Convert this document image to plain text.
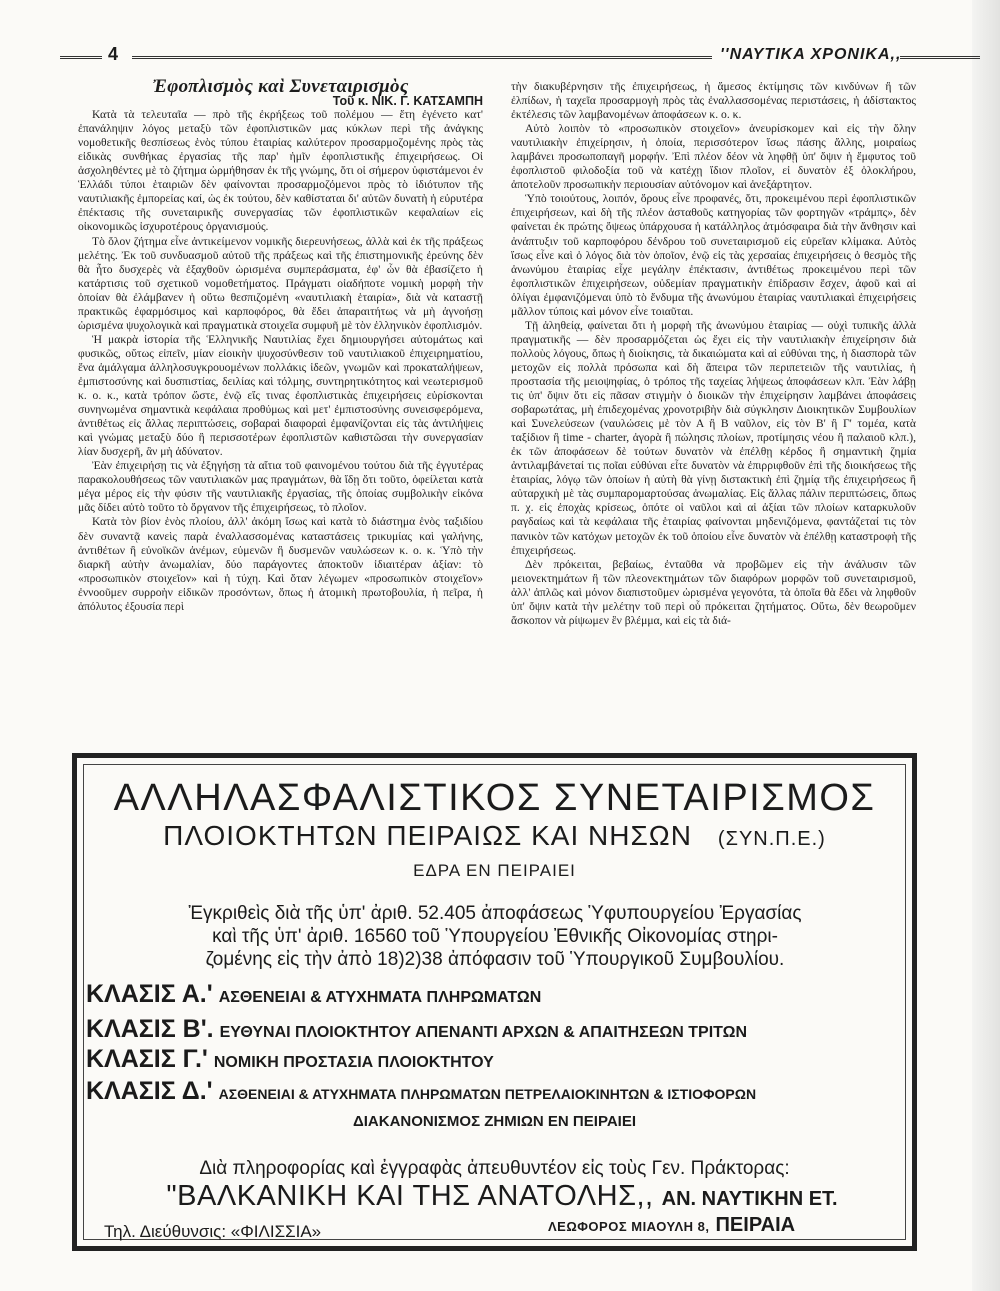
4	''ΝΑΥΤΙΚΑ ΧΡΟΝΙΚΑ,,

Ἐφοπλισμὸς καὶ Συνεταιρισμὸς

Τοῦ κ. ΝΙΚ. Γ. ΚΑΤΣΑΜΠΗ

Κατὰ τὰ τελευταῖα — πρὸ τῆς ἐκρήξεως τοῦ πολέμου — ἔτη ἐγένετο κατ' ἐπανάληψιν λόγος μεταξὺ τῶν ἐφοπλιστικῶν μας κύκλων περὶ τῆς ἀνάγκης νομοθετικῆς θεσπίσεως ἑνὸς τύπου ἑταιρίας καλύτερον προσαρμοζομένης πρὸς τὰς εἰδικὰς συνθήκας ἐργασίας τῆς παρ' ἡμῖν ἐφοπλιστικῆς ἐπιχειρήσεως. Οἱ ἀσχοληθέντες μὲ τὸ ζήτημα ὡρμήθησαν ἐκ τῆς γνώμης, ὅτι οἱ σήμερον ὑφιστάμενοι ἐν Ἑλλάδι τύποι ἑταιριῶν δὲν φαίνονται προσαρμοζόμενοι πρὸς τὸ ἰδιότυπον τῆς ναυτιλιακῆς ἐμπορείας καί, ὡς ἐκ τούτου, δὲν καθίσταται δι' αὐτῶν δυνατὴ ἡ εὐρυτέρα ἐπέκτασις τῆς συνεταιρικῆς συνεργασίας τῶν ἐφοπλιστικῶν κεφαλαίων εἰς οἰκονομικῶς ἰσχυροτέρους ὀργανισμούς.

Τὸ ὅλον ζήτημα εἶνε ἀντικείμενον νομικῆς διερευνήσεως, ἀλλὰ καὶ ἐκ τῆς πράξεως μελέτης. Ἐκ τοῦ συνδυασμοῦ αὐτοῦ τῆς πράξεως καὶ τῆς ἐπιστημονικῆς ἐρεύνης δὲν θὰ ἦτο δυσχερὲς νὰ ἐξαχθοῦν ὡρισμένα συμπεράσματα, ἐφ' ὧν θὰ ἐβασίζετο ἡ κατάρτισις τοῦ σχετικοῦ νομοθετήματος. Πράγματι οἱαδήποτε νομικὴ μορφὴ τὴν ὁποίαν θὰ ἐλάμβανεν ἡ οὕτω θεσπιζομένη «ναυτιλιακὴ ἑταιρία», διὰ νὰ καταστῇ πρακτικῶς ἐφαρμόσιμος καὶ καρποφόρος, θὰ ἔδει ἀπαραιτήτως νὰ μὴ ἀγνοήσῃ ὡρισμένα ψυχολογικὰ καὶ πραγματικὰ στοιχεῖα συμφυῆ μὲ τὸν ἑλληνικὸν ἐφοπλισμόν.

Ἡ μακρὰ ἱστορία τῆς Ἑλληνικῆς Ναυτιλίας ἔχει δημιουργήσει αὐτομάτως καὶ φυσικῶς, οὕτως εἰπεῖν, μίαν εἰοικὴν ψυχοσύνθεσιν τοῦ ναυτιλιακοῦ ἐπιχειρηματίου, ἕνα ἀμάλγαμα ἀλληλοσυγκρουομένων πολλάκις ἰδεῶν, γνωμῶν καὶ προκαταλήψεων, ἐμπιστοσύνης καὶ δυσπιστίας, δειλίας καὶ τόλμης, συντηρητικότητος καὶ νεωτερισμοῦ κ. ο. κ., κατὰ τρόπον ὥστε, ἐνῷ εἴς τινας ἐφοπλιστικὰς ἐπιχειρήσεις εὑρίσκονται συνηνωμένα σημαντικὰ κεφάλαια προθύμως καὶ μετ' ἐμπιστοσύνης συνεισφερόμενα, ἀντιθέτως εἰς ἄλλας περιπτώσεις, σοβαραὶ διαφοραὶ ἐμφανίζονται εἰς τὰς ἀντιλήψεις καὶ γνώμας μεταξὺ δύο ἢ περισσοτέρων ἐφοπλιστῶν καθιστῶσαι τὴν συνεργασίαν λίαν δυσχερῆ, ἂν μὴ ἀδύνατον.

Ἐὰν ἐπιχειρήσῃ τις νὰ ἐξηγήσῃ τὰ αἴτια τοῦ φαινομένου τούτου διὰ τῆς ἐγγυτέρας παρακολουθήσεως τῶν ναυτιλιακῶν μας πραγμάτων, θὰ ἴδῃ ὅτι τοῦτο, ὀφείλεται κατὰ μέγα μέρος εἰς τὴν φύσιν τῆς ναυτιλιακῆς ἐργασίας, τῆς ὁποίας συμβολικὴν εἰκόνα μᾶς δίδει αὐτὸ τοῦτο τὸ ὄργανον τῆς ἐπιχειρήσεως, τὸ πλοῖον.

Κατὰ τὸν βίον ἑνὸς πλοίου, ἀλλ' ἀκόμη ἴσως καὶ κατὰ τὸ διάστημα ἑνὸς ταξιδίου δὲν συναντᾷ κανεὶς παρὰ ἐναλλασσομένας καταστάσεις τρικυμίας καὶ γαλήνης, ἀντιθέτων ἢ εὐνοϊκῶν ἀνέμων, εὐμενῶν ἢ δυσμενῶν ναυλώσεων κ. ο. κ. Ὑπὸ τὴν διαρκῆ αὐτὴν ἀνωμαλίαν, δύο παράγοντες ἀποκτοῦν ἰδιαιτέραν ἀξίαν: τὸ «προσωπικὸν στοιχεῖον» καὶ ἡ τύχη. Καὶ ὅταν λέγωμεν «προσωπικὸν στοιχεῖον» ἐννοοῦμεν συρροὴν εἰδικῶν προσόντων, ὅπως ἡ ἀτομικὴ πρωτοβουλία, ἡ πεῖρα, ἡ ἀπόλυτος ἐξουσία περὶ

τὴν διακυβέρνησιν τῆς ἐπιχειρήσεως, ἡ ἄμεσος ἐκτίμησις τῶν κινδύνων ἢ τῶν ἐλπίδων, ἡ ταχεῖα προσαρμογὴ πρὸς τὰς ἐναλλασσομένας περιστάσεις, ἡ ἀδίστακτος ἐκτέλεσις τῶν λαμβανομένων ἀποφάσεων κ. ο. κ.

Αὐτὸ λοιπὸν τὸ «προσωπικὸν στοιχεῖον» ἀνευρίσκομεν καὶ εἰς τὴν ὅλην ναυτιλιακὴν ἐπιχείρησιν, ἡ ὁποία, περισσότερον ἴσως πάσης ἄλλης, μοιραίως λαμβάνει προσωποπαγῆ μορφήν. Ἐπὶ πλέον δέον νὰ ληφθῇ ὑπ' ὄψιν ἡ ἔμφυτος τοῦ ἐφοπλιστοῦ φιλοδοξία τοῦ νὰ κατέχῃ ἴδιον πλοῖον, εἰ δυνατὸν ἐξ ὁλοκλήρου, ἀποτελοῦν προσωπικὴν περιουσίαν αὐτόνομον καὶ ἀνεξάρτητον.

Ὑπὸ τοιούτους, λοιπόν, ὅρους εἶνε προφανές, ὅτι, προκειμένου περὶ ἐφοπλιστικῶν ἐπιχειρήσεων, καὶ δὴ τῆς πλέον ἀσταθοῦς κατηγορίας τῶν φορτηγῶν «τράμπς», δὲν φαίνεται ἐκ πρώτης ὄψεως ὑπάρχουσα ἡ κατάλληλος ἀτμόσφαιρα διὰ τὴν ἄνθησιν καὶ ἀνάπτυξιν τοῦ καρποφόρου δένδρου τοῦ συνεταιρισμοῦ εἰς εὐρεῖαν κλίμακα. Αὐτὸς ἴσως εἶνε καὶ ὁ λόγος διὰ τὸν ὁποῖον, ἐνῷ εἰς τὰς χερσαίας ἐπιχειρήσεις ὁ θεσμὸς τῆς ἀνωνύμου ἑταιρίας εἶχε μεγάλην ἐπέκτασιν, ἀντιθέτως προκειμένου περὶ τῶν ἐφοπλιστικῶν ἐπιχειρήσεων, οὐδεμίαν πραγματικὴν ἐπίδρασιν ἔσχεν, ἀφοῦ καὶ αἱ ὀλίγαι ἐμφανιζόμεναι ὑπὸ τὸ ἔνδυμα τῆς ἀνωνύμου ἑταιρίας ναυτιλιακαὶ ἐπιχειρήσεις μᾶλλον τύποις καὶ μόνον εἶνε τοιαῦται.

Τῇ ἀληθείᾳ, φαίνεται ὅτι ἡ μορφὴ τῆς ἀνωνύμου ἑταιρίας — οὐχὶ τυπικῆς ἀλλὰ πραγματικῆς — δὲν προσαρμόζεται ὡς ἔχει εἰς τὴν ναυτιλιακὴν ἐπιχείρησιν διὰ πολλοὺς λόγους, ὅπως ἡ διοίκησις, τὰ δικαιώματα καὶ αἱ εὐθύναι της, ἡ διασπορὰ τῶν μετοχῶν εἰς πολλὰ πρόσωπα καὶ δὴ ἄπειρα τῶν περιπετειῶν τῆς ναυτιλίας, ἡ προστασία τῆς μειοψηφίας, ὁ τρόπος τῆς ταχείας λήψεως ἀποφάσεων κλπ. Ἐὰν λάβῃ τις ὑπ' ὄψιν ὅτι εἰς πᾶσαν στιγμὴν ὁ διοικῶν τὴν ἐπιχείρησιν λαμβάνει ἀποφάσεις σοβαρωτάτας, μὴ ἐπιδεχομένας χρονοτριβὴν διὰ σύγκλησιν Διοικητικῶν Συμβουλίων καὶ Συνελεύσεων (ναυλώσεις μὲ τὸν Α ἢ Β ναῦλον, εἰς τὸν Β' ἢ Γ' τομέα, κατὰ ταξίδιον ἢ time - charter, ἀγορὰ ἢ πώλησις πλοίων, προτίμησις νέου ἢ παλαιοῦ κλπ.), ἐκ τῶν ἀποφάσεων δὲ τούτων δυνατὸν νὰ ἐπέλθῃ κέρδος ἢ σημαντικὴ ζημία ἀντιλαμβάνεταί τις ποῖαι εὐθύναι εἶτε δυνατὸν νὰ ἐπιρριφθοῦν ἐπὶ τῆς διοικήσεως τῆς ἑταιρίας, λόγῳ τῶν ὁποίων ἡ αὐτὴ θὰ γίνῃ διστακτικὴ ἐπὶ ζημίᾳ τῆς ἐπιχειρήσεως ἢ αὐταρχικὴ μὲ τὰς συμπαρομαρτούσας ἀνωμαλίας. Εἰς ἄλλας πάλιν περιπτώσεις, ὅπως π. χ. εἰς ἐποχὰς κρίσεως, ὁπότε οἱ ναῦλοι καὶ αἱ ἀξίαι τῶν πλοίων καταρκυλοῦν ραγδαίως καὶ τὰ κεφάλαια τῆς ἑταιρίας φαίνονται μηδενιζόμενα, φαντάζεταί τις τὸν πανικὸν τῶν κατόχων μετοχῶν ἐκ τοῦ ὁποίου εἶνε δυνατὸν νὰ ἐπέλθῃ καταστροφὴ τῆς ἐπιχειρήσεως.

Δὲν πρόκειται, βεβαίως, ἐνταῦθα νὰ προβῶμεν εἰς τὴν ἀνάλυσιν τῶν μειονεκτημάτων ἢ τῶν πλεονεκτημάτων τῶν διαφόρων μορφῶν τοῦ συνεταιρισμοῦ, ἀλλ' ἁπλῶς καὶ μόνον διαπιστοῦμεν ὡρισμένα γεγονότα, τὰ ὁποῖα θὰ ἔδει νὰ ληφθοῦν ὑπ' ὄψιν κατὰ τὴν μελέτην τοῦ περὶ οὗ πρόκειται ζητήματος. Οὕτω, δὲν θεωροῦμεν ἄσκοπον νὰ ρίψωμεν ἓν βλέμμα, καὶ εἰς τὰ διά-

ΑΛΛΗΛΑΣΦΑΛΙΣΤΙΚΟΣ ΣΥΝΕΤΑΙΡΙΣΜΟΣ
ΠΛΟΙΟΚΤΗΤΩΝ ΠΕΙΡΑΙΩΣ ΚΑΙ ΝΗΣΩΝ (ΣΥΝ.Π.Ε.)
ΕΔΡΑ ΕΝ ΠΕΙΡΑΙΕΙ
Ἐγκριθεὶς διὰ τῆς ὑπ' ἀριθ. 52.405 ἀποφάσεως Ὑφυπουργείου Ἐργασίας
καὶ τῆς ὑπ' ἀριθ. 16560 τοῦ Ὑπουργείου Ἐθνικῆς Οἰκονομίας στηρι-
ζομένης εἰς τὴν ἀπὸ 18)2)38 ἀπόφασιν τοῦ Ὑπουργικοῦ Συμβουλίου.
ΚΛΑΣΙΣ Α.' ΑΣΘΕΝΕΙΑΙ & ΑΤΥΧΗΜΑΤΑ ΠΛΗΡΩΜΑΤΩΝ
ΚΛΑΣΙΣ Β'. ΕΥΘΥΝΑΙ ΠΛΟΙΟΚΤΗΤΟΥ ΑΠΕΝΑΝΤΙ ΑΡΧΩΝ & ΑΠΑΙΤΗΣΕΩΝ ΤΡΙΤΩΝ
ΚΛΑΣΙΣ Γ.' ΝΟΜΙΚΗ ΠΡΟΣΤΑΣΙΑ ΠΛΟΙΟΚΤΗΤΟΥ
ΚΛΑΣΙΣ Δ.' ΑΣΘΕΝΕΙΑΙ & ΑΤΥΧΗΜΑΤΑ ΠΛΗΡΩΜΑΤΩΝ ΠΕΤΡΕΛΑΙΟΚΙΝΗΤΩΝ & ΙΣΤΙΟΦΟΡΩΝ
ΔΙΑΚΑΝΟΝΙΣΜΟΣ ΖΗΜΙΩΝ ΕΝ ΠΕΙΡΑΙΕΙ
Διὰ πληροφορίας καὶ ἐγγραφὰς ἀπευθυντέον εἰς τοὺς Γεν. Πράκτορας:
"ΒΑΛΚΑΝΙΚΗ ΚΑΙ ΤΗΣ ΑΝΑΤΟΛΗΣ,, ΑΝ. ΝΑΥΤΙΚΗΝ ΕΤ.
Τηλ. Διεύθυνσις: «ΦΙΛΙΣΣΙΑ»	ΛΕΩΦΟΡΟΣ ΜΙΑΟΥΛΗ 8, ΠΕΙΡΑΙΑ
